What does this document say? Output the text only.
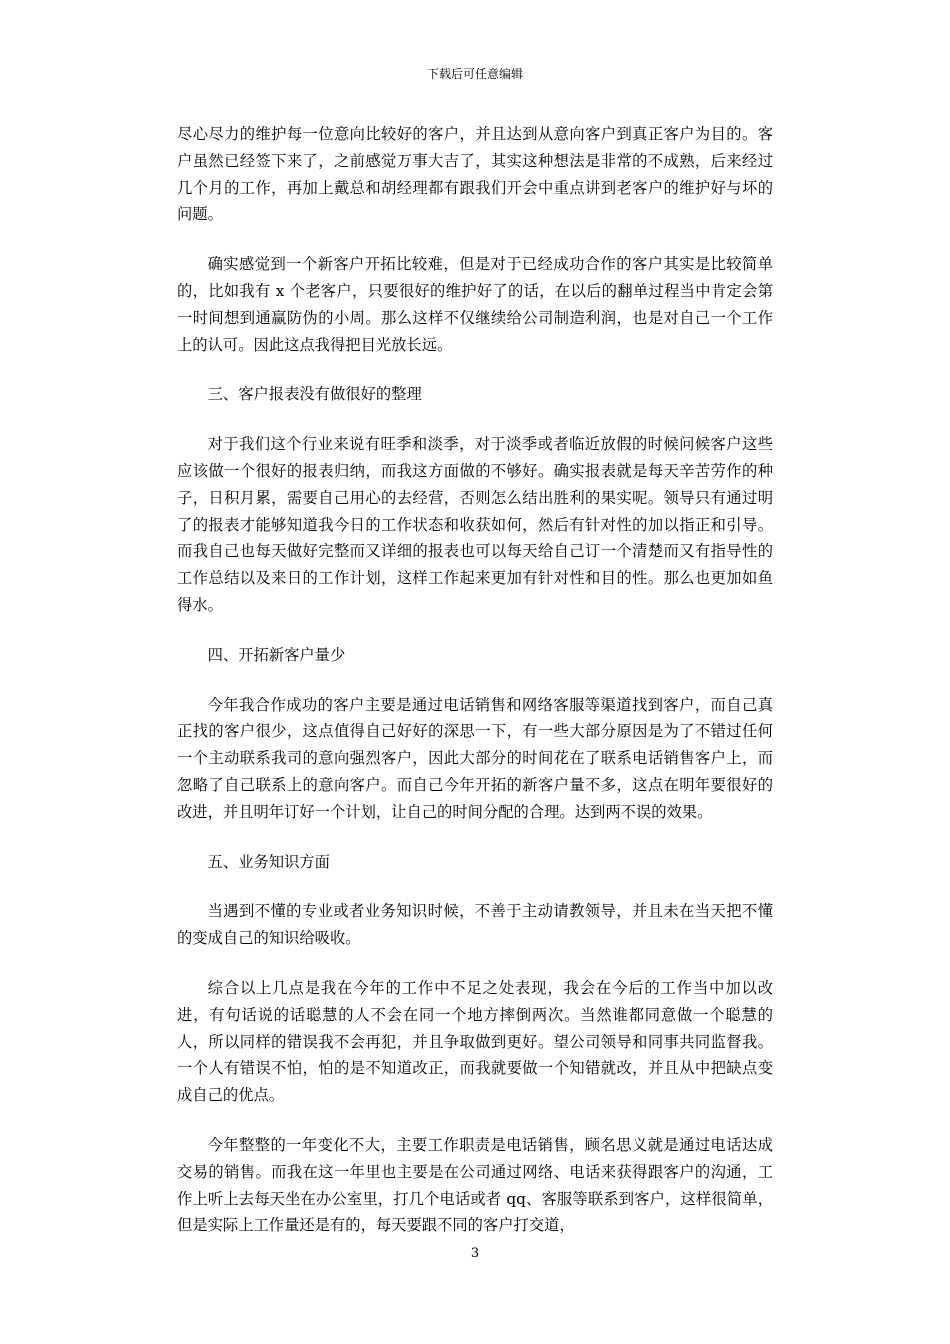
下载后可任意编辑

尽心尽力的维护每一位意向比较好的客户，并且达到从意向客户到真正客户为目的。客户虽然已经签下来了，之前感觉万事大吉了，其实这种想法是非常的不成熟，后来经过几个月的工作，再加上戴总和胡经理都有跟我们开会中重点讲到老客户的维护好与坏的问题。

确实感觉到一个新客户开拓比较难，但是对于已经成功合作的客户其实是比较简单的，比如我有 x 个老客户，只要很好的维护好了的话，在以后的翻单过程当中肯定会第一时间想到通赢防伪的小周。那么这样不仅继续给公司制造利润，也是对自己一个工作上的认可。因此这点我得把目光放长远。

三、客户报表没有做很好的整理

对于我们这个行业来说有旺季和淡季，对于淡季或者临近放假的时候问候客户这些应该做一个很好的报表归纳，而我这方面做的不够好。确实报表就是每天辛苦劳作的种子，日积月累，需要自己用心的去经营，否则怎么结出胜利的果实呢。领导只有通过明了的报表才能够知道我今日的工作状态和收获如何，然后有针对性的加以指正和引导。而我自己也每天做好完整而又详细的报表也可以每天给自己订一个清楚而又有指导性的工作总结以及来日的工作计划，这样工作起来更加有针对性和目的性。那么也更加如鱼得水。

四、开拓新客户量少

今年我合作成功的客户主要是通过电话销售和网络客服等渠道找到客户，而自己真正找的客户很少，这点值得自己好好的深思一下，有一些大部分原因是为了不错过任何一个主动联系我司的意向强烈客户，因此大部分的时间花在了联系电话销售客户上，而忽略了自己联系上的意向客户。而自己今年开拓的新客户量不多，这点在明年要很好的改进，并且明年订好一个计划，让自己的时间分配的合理。达到两不误的效果。

五、业务知识方面

当遇到不懂的专业或者业务知识时候，不善于主动请教领导，并且未在当天把不懂的变成自己的知识给吸收。

综合以上几点是我在今年的工作中不足之处表现，我会在今后的工作当中加以改进，有句话说的话聪慧的人不会在同一个地方摔倒两次。当然谁都同意做一个聪慧的人，所以同样的错误我不会再犯，并且争取做到更好。望公司领导和同事共同监督我。一个人有错误不怕，怕的是不知道改正，而我就要做一个知错就改，并且从中把缺点变成自己的优点。

今年整整的一年变化不大，主要工作职责是电话销售，顾名思义就是通过电话达成交易的销售。而我在这一年里也主要是在公司通过网络、电话来获得跟客户的沟通，工作上听上去每天坐在办公室里，打几个电话或者 qq、客服等联系到客户，这样很简单，但是实际上工作量还是有的，每天要跟不同的客户打交道，

3
